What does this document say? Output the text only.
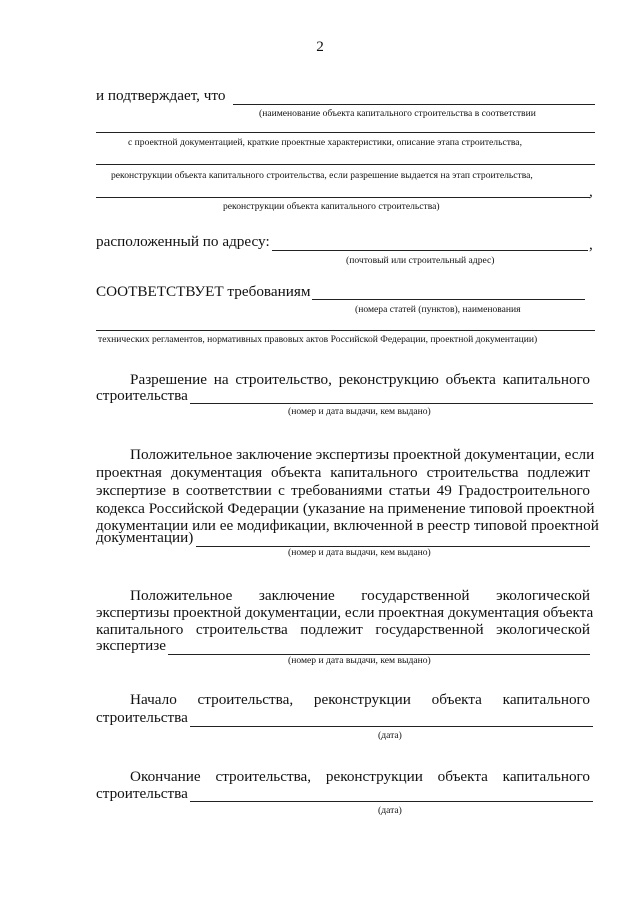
2
и подтверждает, что
(наименование объекта капитального строительства в соответствии
с проектной документацией, краткие проектные характеристики, описание этапа строительства,
реконструкции объекта капитального строительства, если разрешение выдается на этап строительства,
,
реконструкции объекта капитального строительства)
расположенный по адресу:	,
(почтовый или строительный адрес)
СООТВЕТСТВУЕТ требованиям
(номера статей (пунктов), наименования
технических регламентов, нормативных правовых актов Российской Федерации, проектной документации)
Разрешение на строительство, реконструкцию объекта капитального
строительства
(номер и дата выдачи, кем выдано)
Положительное заключение экспертизы проектной документации, если
проектная документация объекта капитального строительства подлежит
экспертизе в соответствии с требованиями статьи 49 Градостроительного
кодекса Российской Федерации (указание на применение типовой проектной
документации или ее модификации, включенной в реестр типовой проектной
документации)
(номер и дата выдачи, кем выдано)
Положительное заключение государственной экологической
экспертизы проектной документации, если проектная документация объекта
капитального строительства подлежит государственной экологической
экспертизе
(номер и дата выдачи, кем выдано)
Начало строительства, реконструкции объекта капитального
строительства
(дата)
Окончание строительства, реконструкции объекта капитального
строительства
(дата)
